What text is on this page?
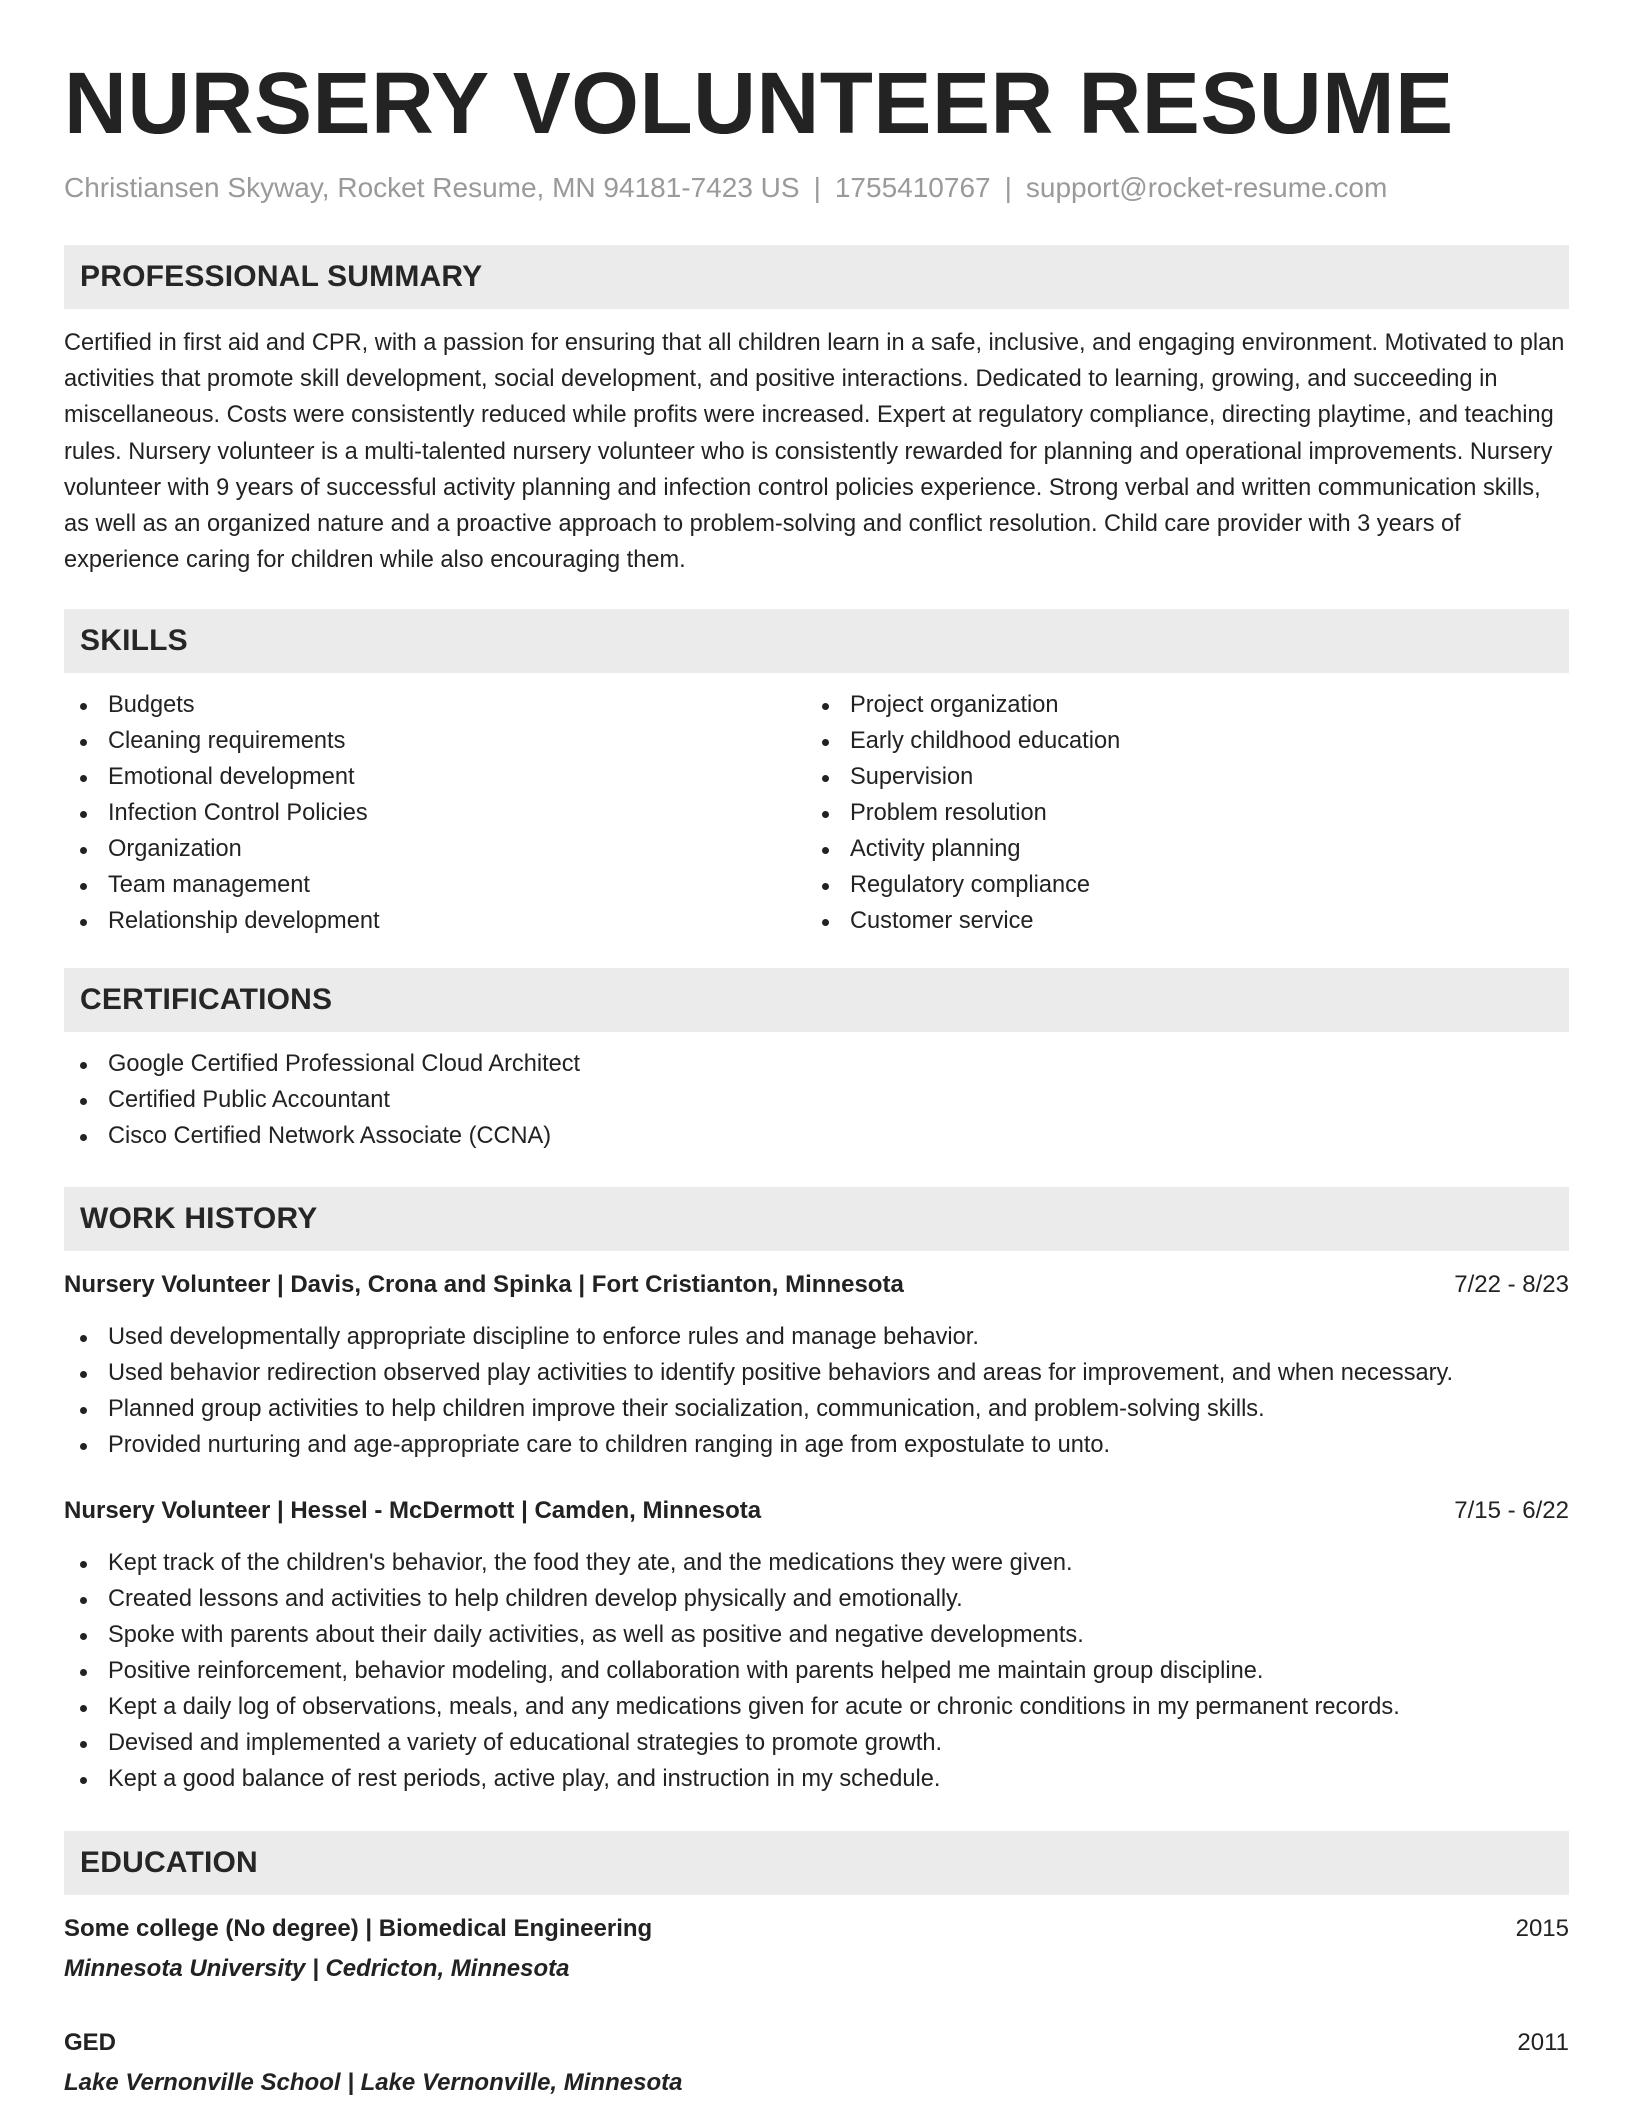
NURSERY VOLUNTEER RESUME
Christiansen Skyway, Rocket Resume, MN 94181-7423 US | 1755410767 | support@rocket-resume.com
PROFESSIONAL SUMMARY
Certified in first aid and CPR, with a passion for ensuring that all children learn in a safe, inclusive, and engaging environment. Motivated to plan activities that promote skill development, social development, and positive interactions. Dedicated to learning, growing, and succeeding in miscellaneous. Costs were consistently reduced while profits were increased. Expert at regulatory compliance, directing playtime, and teaching rules. Nursery volunteer is a multi-talented nursery volunteer who is consistently rewarded for planning and operational improvements. Nursery volunteer with 9 years of successful activity planning and infection control policies experience. Strong verbal and written communication skills, as well as an organized nature and a proactive approach to problem-solving and conflict resolution. Child care provider with 3 years of experience caring for children while also encouraging them.
SKILLS
Budgets
Cleaning requirements
Emotional development
Infection Control Policies
Organization
Team management
Relationship development
Project organization
Early childhood education
Supervision
Problem resolution
Activity planning
Regulatory compliance
Customer service
CERTIFICATIONS
Google Certified Professional Cloud Architect
Certified Public Accountant
Cisco Certified Network Associate (CCNA)
WORK HISTORY
Nursery Volunteer | Davis, Crona and Spinka | Fort Cristianton, Minnesota	7/22 - 8/23
Used developmentally appropriate discipline to enforce rules and manage behavior.
Used behavior redirection observed play activities to identify positive behaviors and areas for improvement, and when necessary.
Planned group activities to help children improve their socialization, communication, and problem-solving skills.
Provided nurturing and age-appropriate care to children ranging in age from expostulate to unto.
Nursery Volunteer | Hessel - McDermott | Camden, Minnesota	7/15 - 6/22
Kept track of the children's behavior, the food they ate, and the medications they were given.
Created lessons and activities to help children develop physically and emotionally.
Spoke with parents about their daily activities, as well as positive and negative developments.
Positive reinforcement, behavior modeling, and collaboration with parents helped me maintain group discipline.
Kept a daily log of observations, meals, and any medications given for acute or chronic conditions in my permanent records.
Devised and implemented a variety of educational strategies to promote growth.
Kept a good balance of rest periods, active play, and instruction in my schedule.
EDUCATION
Some college (No degree) | Biomedical Engineering	2015
Minnesota University | Cedricton, Minnesota
GED	2011
Lake Vernonville School | Lake Vernonville, Minnesota
